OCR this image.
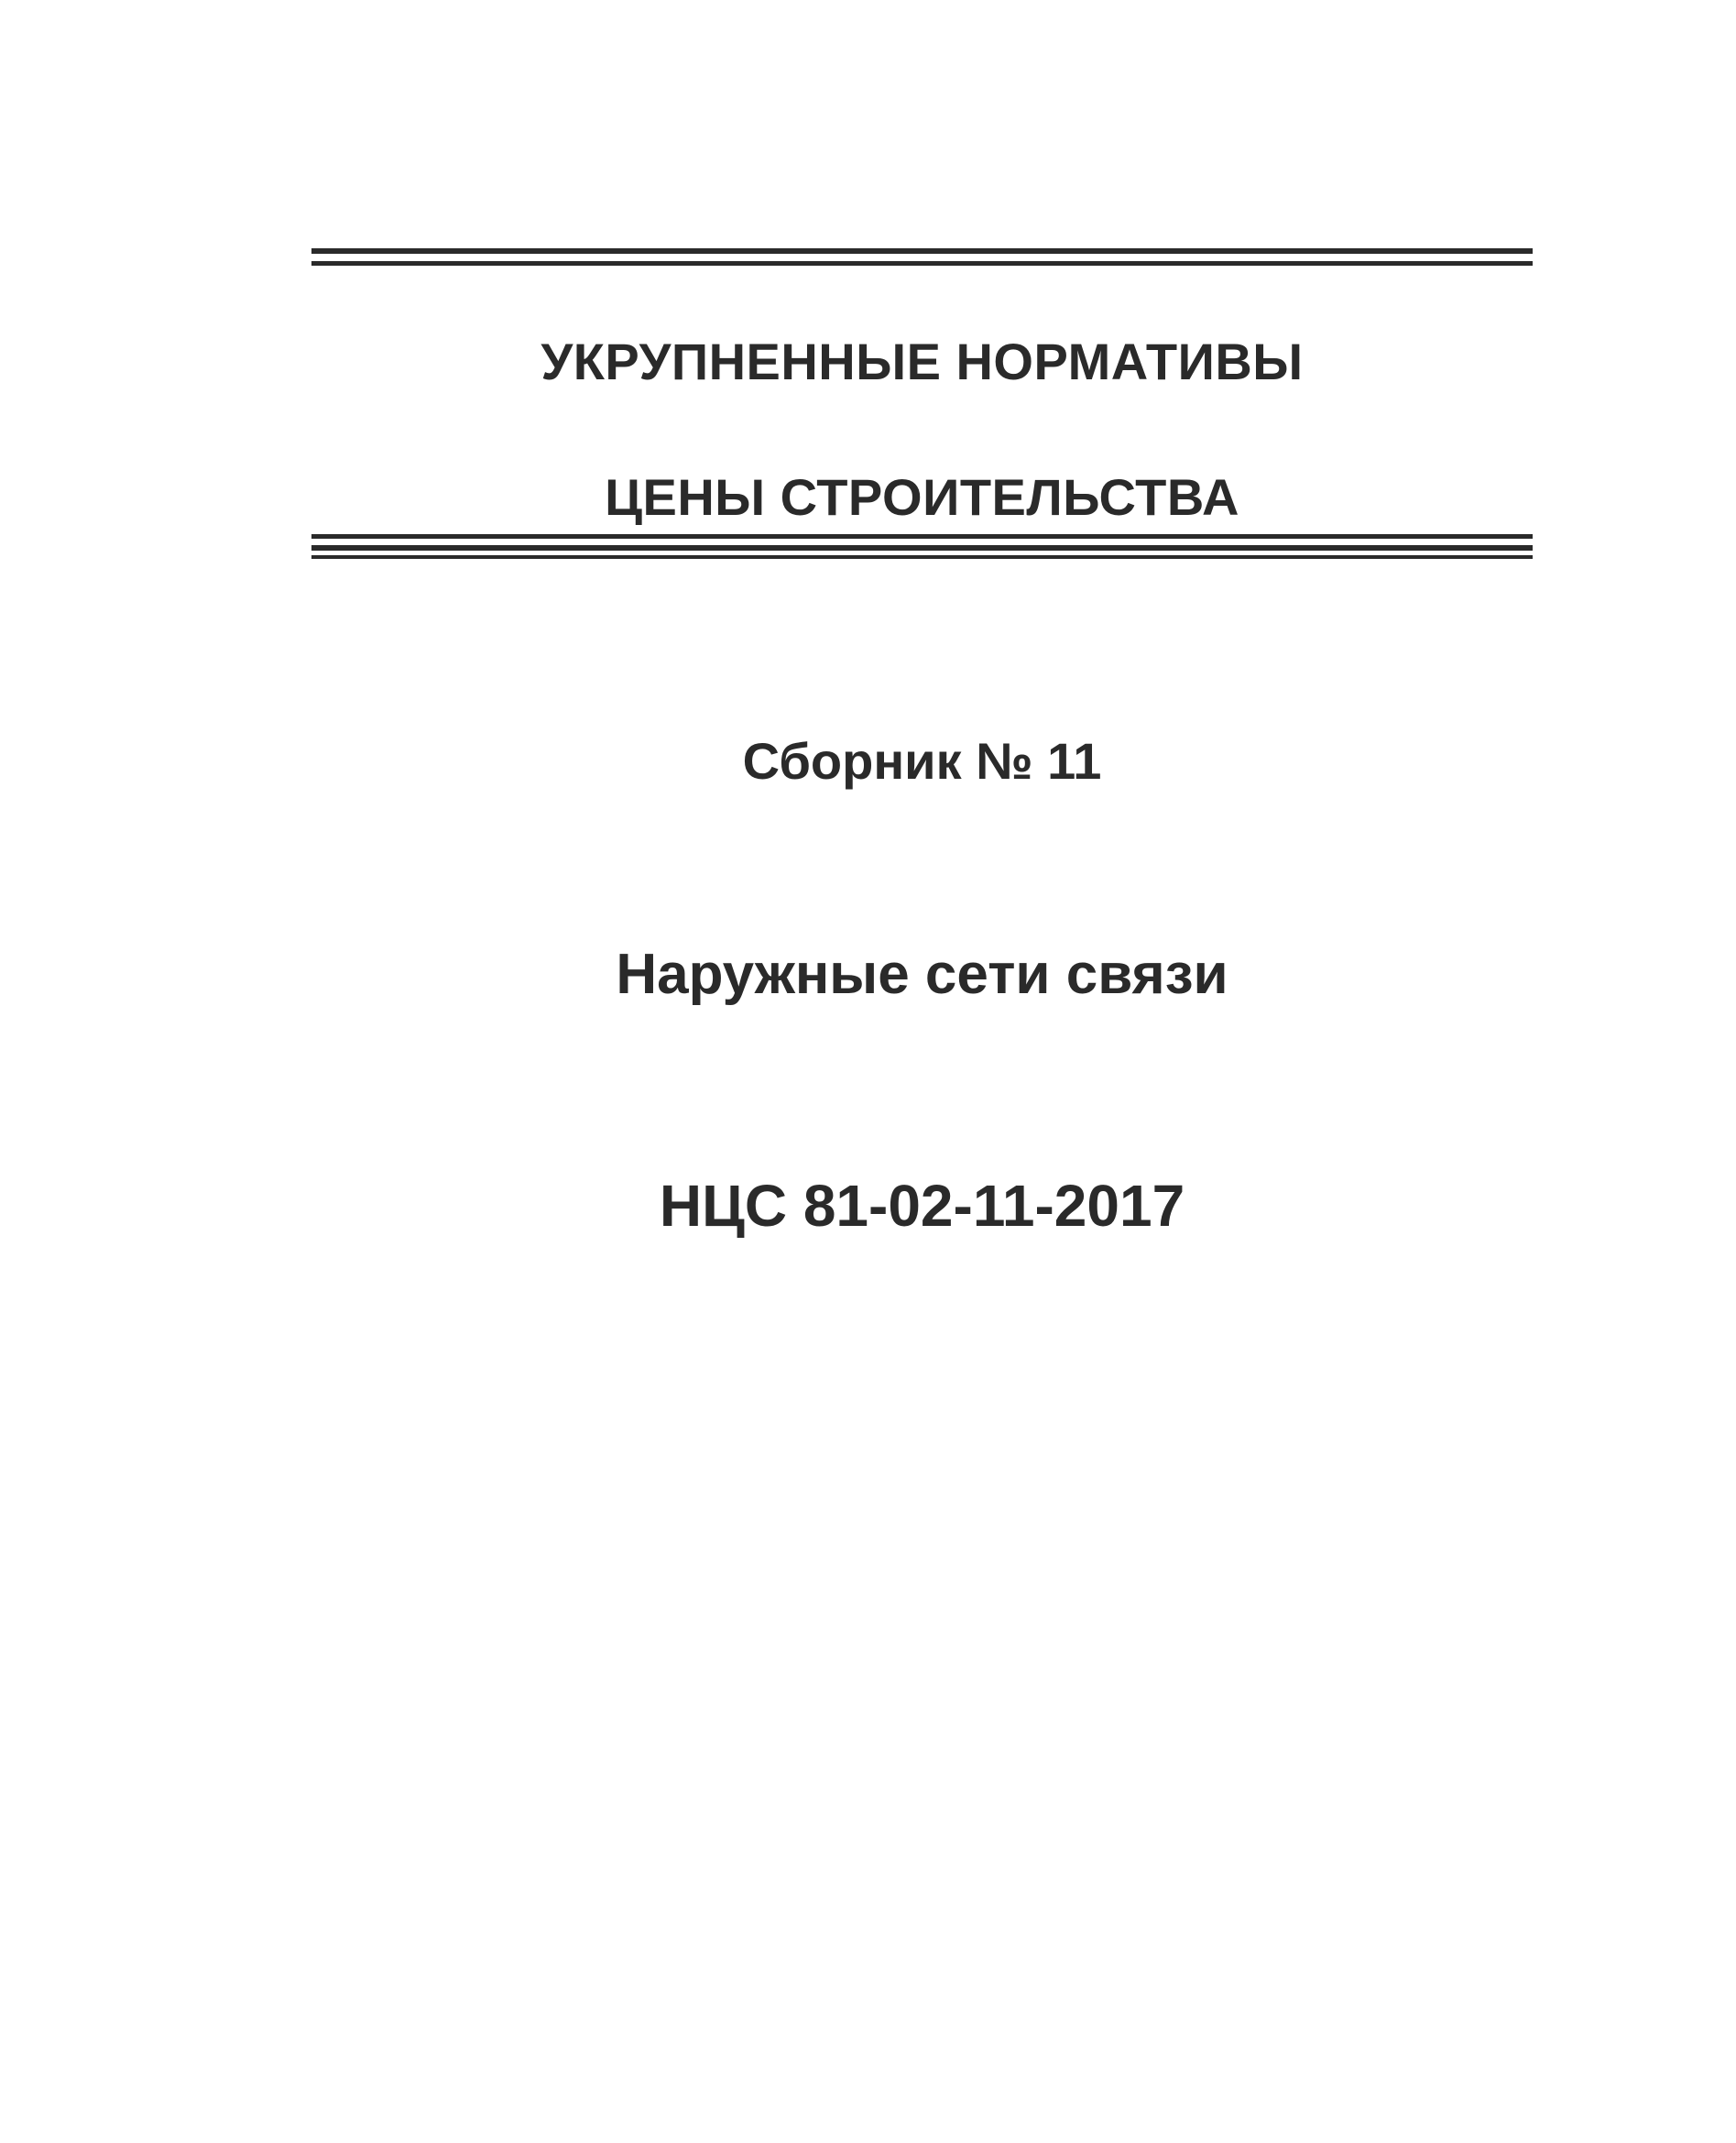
УКРУПНЕННЫЕ НОРМАТИВЫ

ЦЕНЫ СТРОИТЕЛЬСТВА

Сборник № 11
Наружные сети связи
НЦС 81-02-11-2017
